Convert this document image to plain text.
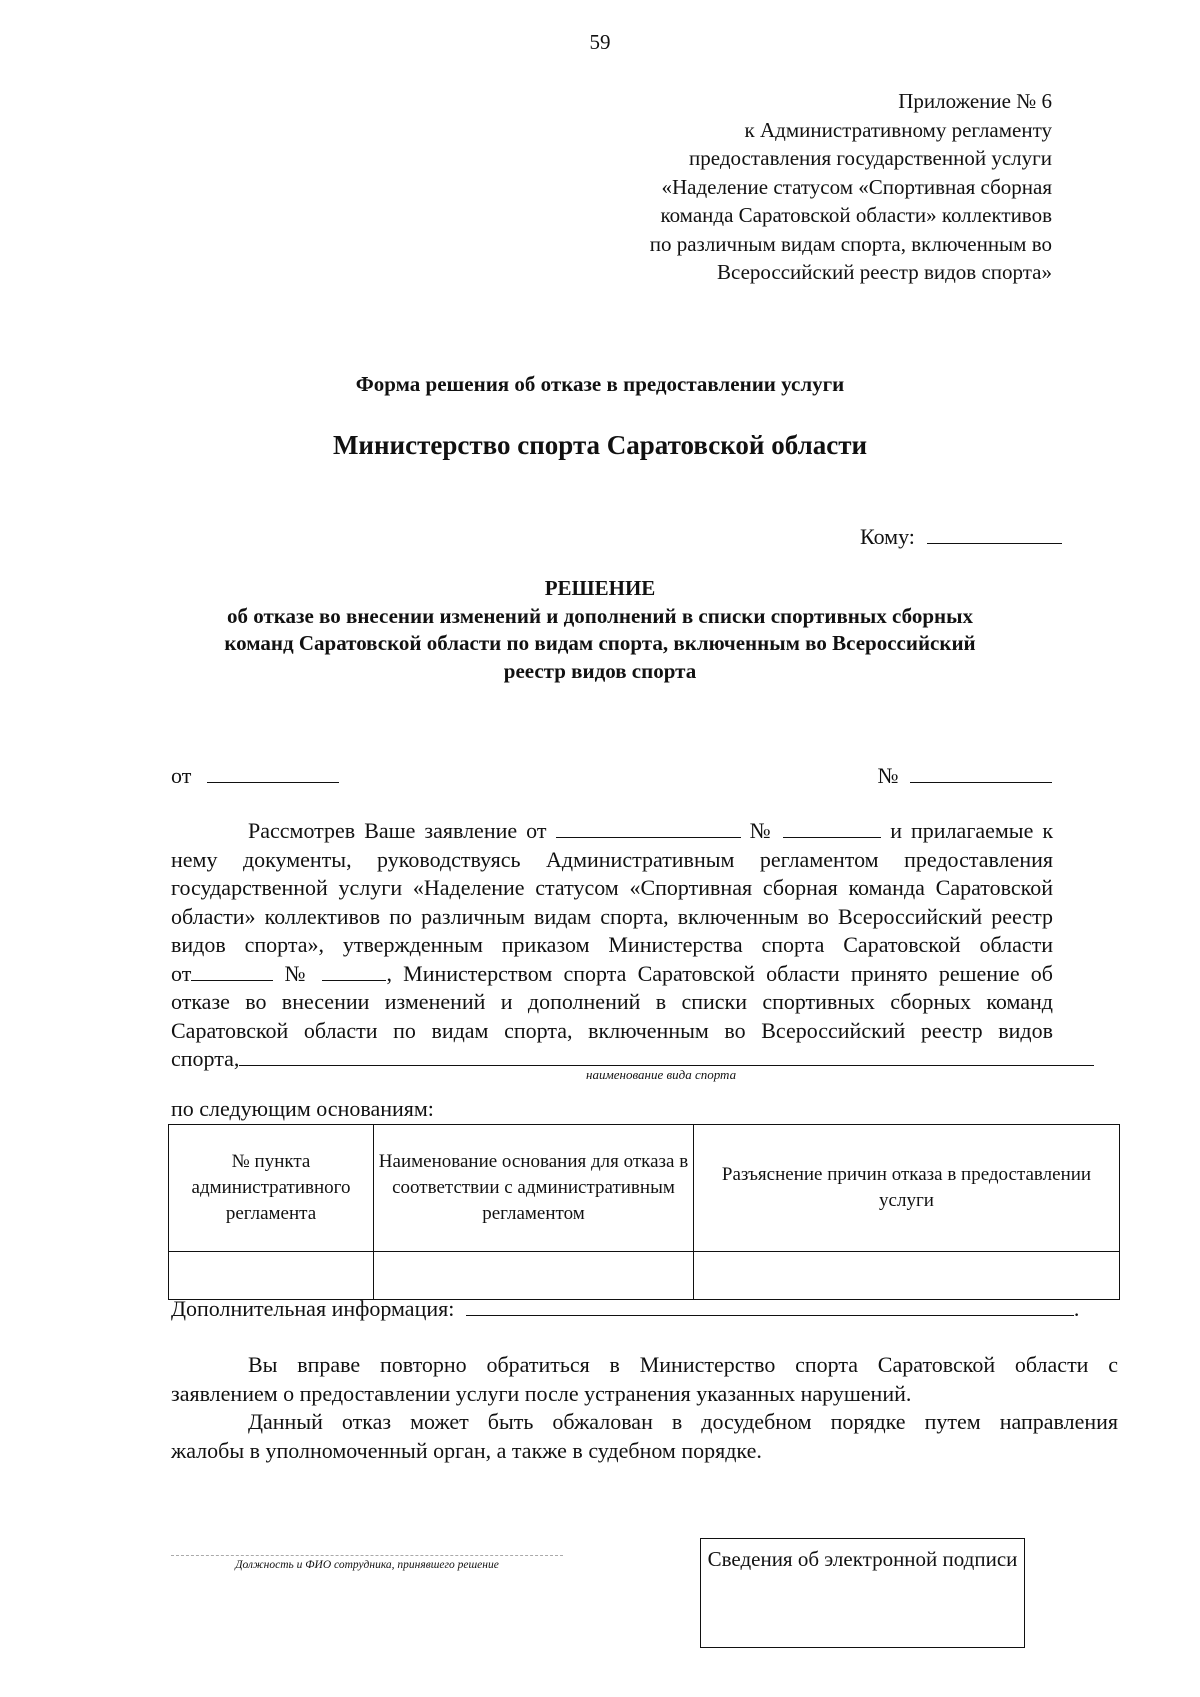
59
Приложение № 6
к Административному регламенту
предоставления государственной услуги
«Наделение статусом «Спортивная сборная
команда Саратовской области» коллективов
по различным видам спорта, включенным во
Всероссийский реестр видов спорта»
Форма решения об отказе в предоставлении услуги
Министерство спорта Саратовской области
Кому:
РЕШЕНИЕ
об отказе во внесении изменений и дополнений в списки спортивных сборных
команд Саратовской области по видам спорта, включенным во Всероссийский
реестр видов спорта
от	№
Рассмотрев Ваше заявление от	№	и прилагаемые к
нему документы, руководствуясь Административным регламентом предоставления
государственной услуги «Наделение статусом «Спортивная сборная команда Саратовской
области» коллективов по различным видам спорта, включенным во Всероссийский реестр
видов спорта», утвержденным приказом Министерства спорта Саратовской области
от	№	, Министерством спорта Саратовской области принято решение об
отказе во внесении изменений и дополнений в списки спортивных сборных команд
Саратовской области по видам спорта, включенным во Всероссийский реестр видов
спорта,
наименование вида спорта
по следующим основаниям:
№ пункта административного регламента	Наименование основания для отказа в соответствии с административным регламентом	Разъяснение причин отказа в предоставлении услуги

Дополнительная информация:	.
Вы вправе повторно обратиться в Министерство спорта Саратовской области с
заявлением о предоставлении услуги после устранения указанных нарушений.
Данный отказ может быть обжалован в досудебном порядке путем направления
жалобы в уполномоченный орган, а также в судебном порядке.
Должность и ФИО сотрудника, принявшего решение	Сведения об электронной подписи
